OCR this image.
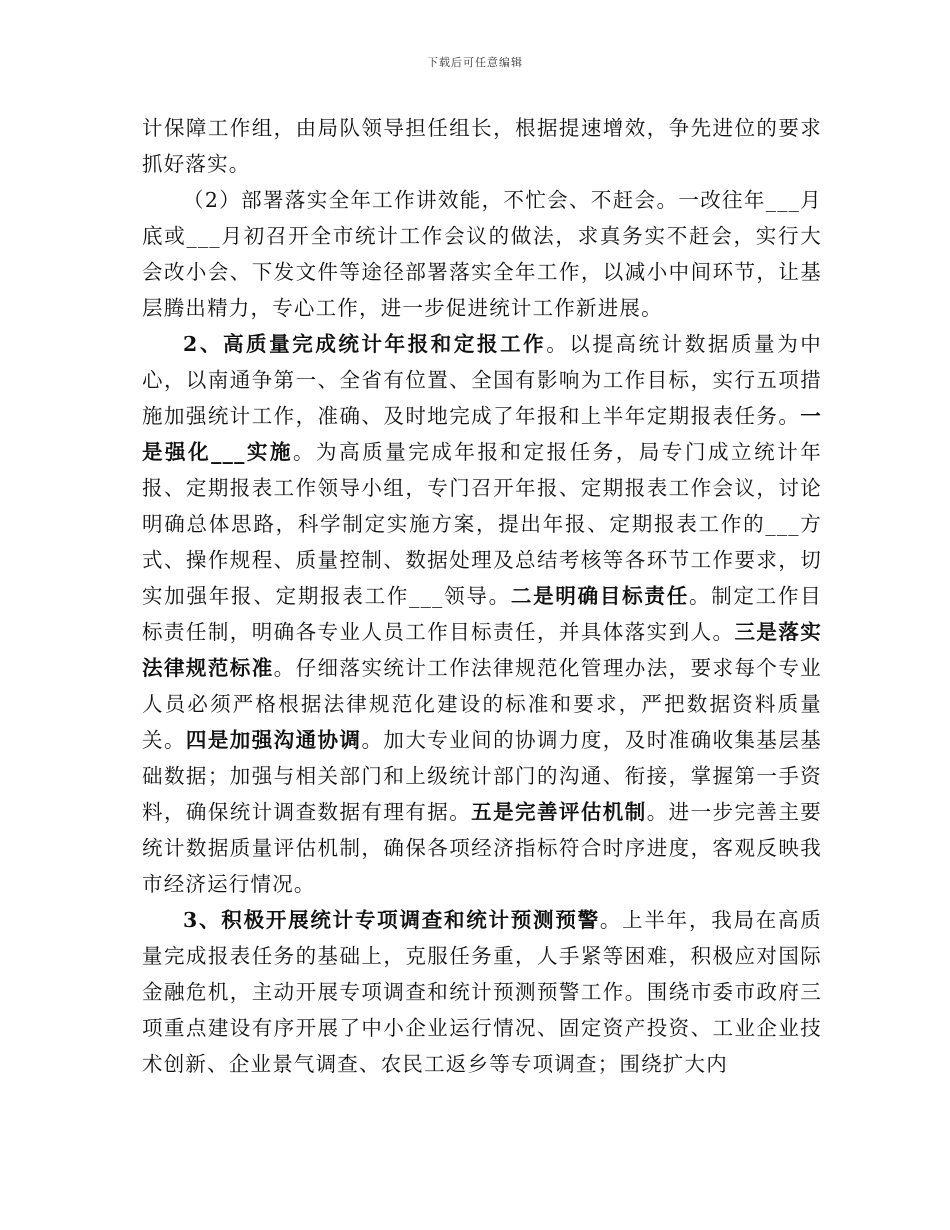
下载后可任意编辑

计保障工作组，由局队领导担任组长，根据提速增效，争先进位的要求抓好落实。

（2）部署落实全年工作讲效能，不忙会、不赶会。一改往年___月底或___月初召开全市统计工作会议的做法，求真务实不赶会，实行大会改小会、下发文件等途径部署落实全年工作，以减小中间环节，让基层腾出精力，专心工作，进一步促进统计工作新进展。

2、高质量完成统计年报和定报工作。以提高统计数据质量为中心，以南通争第一、全省有位置、全国有影响为工作目标，实行五项措施加强统计工作，准确、及时地完成了年报和上半年定期报表任务。一是强化___实施。为高质量完成年报和定报任务，局专门成立统计年报、定期报表工作领导小组，专门召开年报、定期报表工作会议，讨论明确总体思路，科学制定实施方案，提出年报、定期报表工作的___方式、操作规程、质量控制、数据处理及总结考核等各环节工作要求，切实加强年报、定期报表工作___领导。二是明确目标责任。制定工作目标责任制，明确各专业人员工作目标责任，并具体落实到人。三是落实法律规范标准。仔细落实统计工作法律规范化管理办法，要求每个专业人员必须严格根据法律规范化建设的标准和要求，严把数据资料质量关。四是加强沟通协调。加大专业间的协调力度，及时准确收集基层基础数据；加强与相关部门和上级统计部门的沟通、衔接，掌握第一手资料，确保统计调查数据有理有据。五是完善评估机制。进一步完善主要统计数据质量评估机制，确保各项经济指标符合时序进度，客观反映我市经济运行情况。

3、积极开展统计专项调查和统计预测预警。上半年，我局在高质量完成报表任务的基础上，克服任务重，人手紧等困难，积极应对国际金融危机，主动开展专项调查和统计预测预警工作。围绕市委市政府三项重点建设有序开展了中小企业运行情况、固定资产投资、工业企业技术创新、企业景气调查、农民工返乡等专项调查；围绕扩大内
